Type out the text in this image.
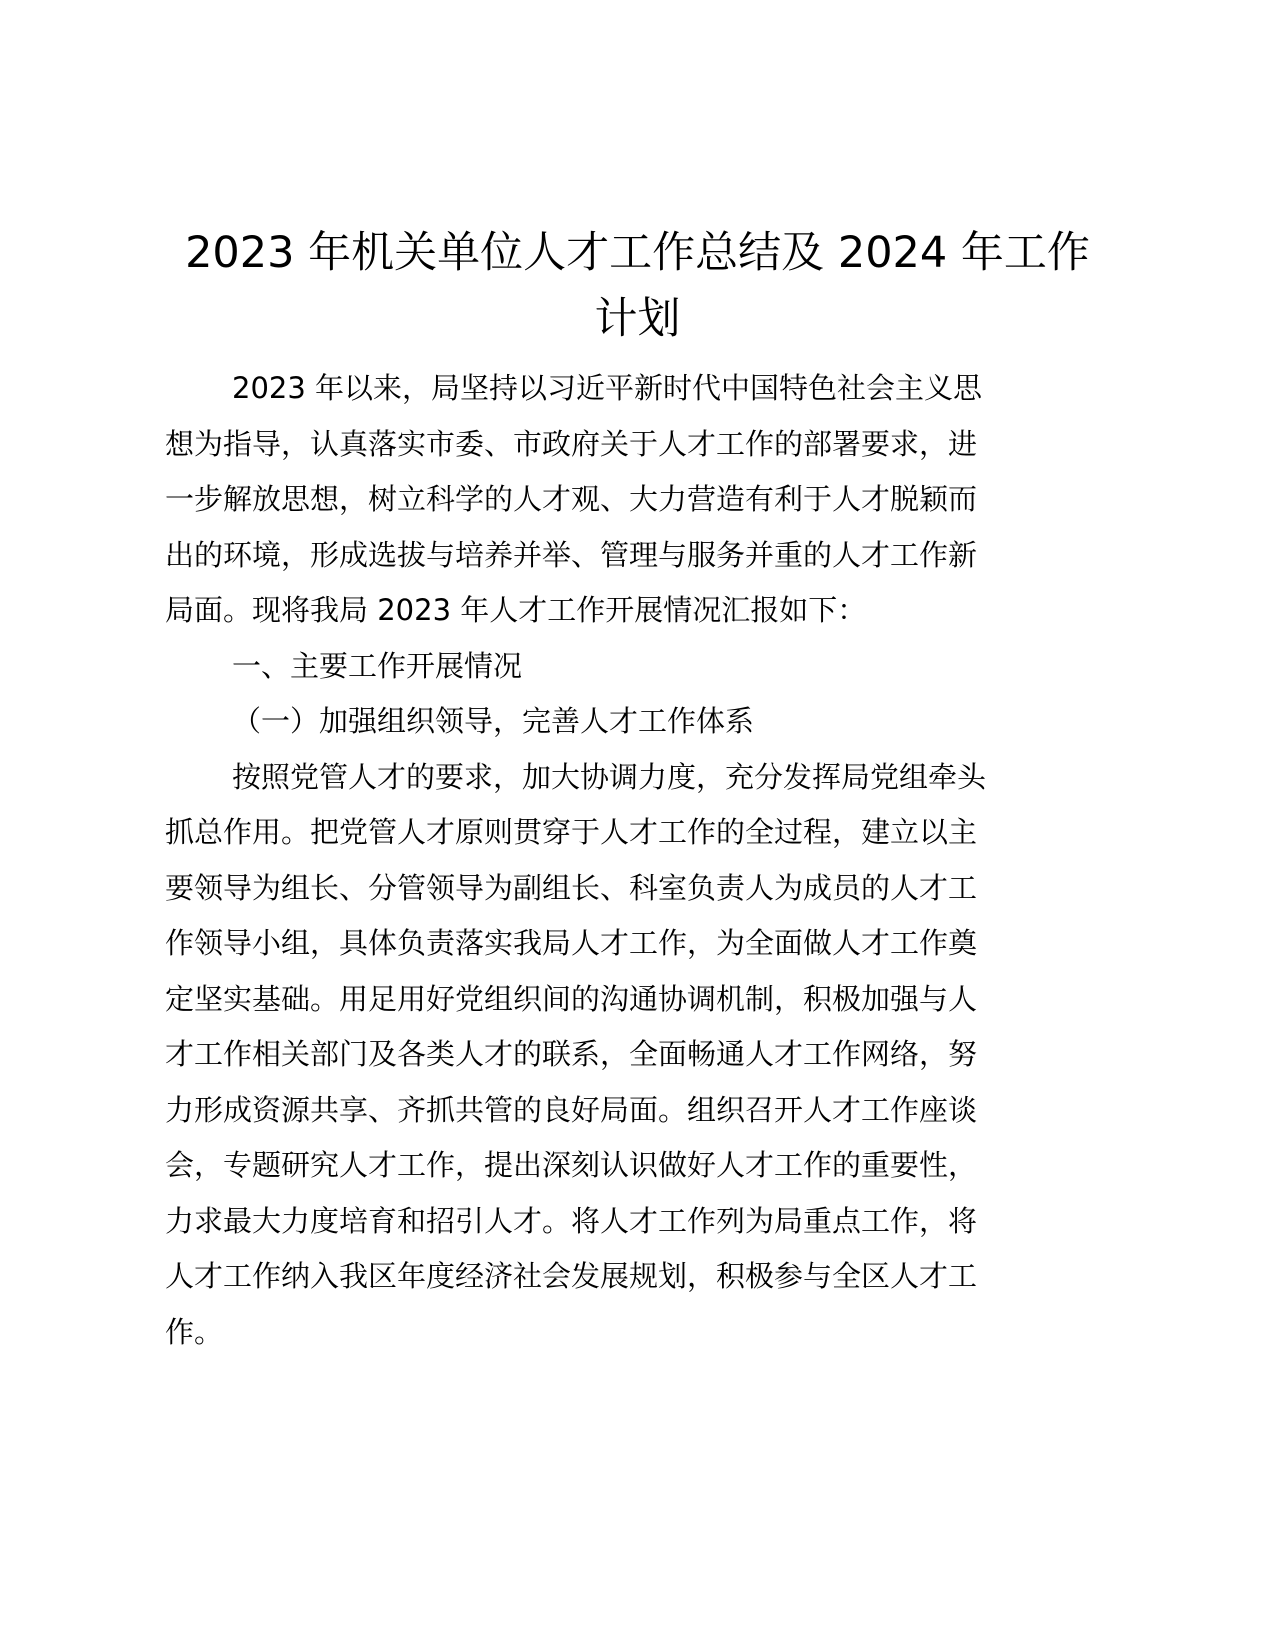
2023 年机关单位人才工作总结及 2024 年工作
计划

2023 年以来，局坚持以习近平新时代中国特色社会主义思

想为指导，认真落实市委、市政府关于人才工作的部署要求，进

一步解放思想，树立科学的人才观、大力营造有利于人才脱颖而

出的环境，形成选拔与培养并举、管理与服务并重的人才工作新

局面。现将我局 2023 年人才工作开展情况汇报如下：

一、主要工作开展情况

（一）加强组织领导，完善人才工作体系

按照党管人才的要求，加大协调力度，充分发挥局党组牵头

抓总作用。把党管人才原则贯穿于人才工作的全过程，建立以主

要领导为组长、分管领导为副组长、科室负责人为成员的人才工

作领导小组，具体负责落实我局人才工作，为全面做人才工作奠

定坚实基础。用足用好党组织间的沟通协调机制，积极加强与人

才工作相关部门及各类人才的联系，全面畅通人才工作网络，努

力形成资源共享、齐抓共管的良好局面。组织召开人才工作座谈

会，专题研究人才工作，提出深刻认识做好人才工作的重要性，

力求最大力度培育和招引人才。将人才工作列为局重点工作，将

人才工作纳入我区年度经济社会发展规划，积极参与全区人才工

作。
